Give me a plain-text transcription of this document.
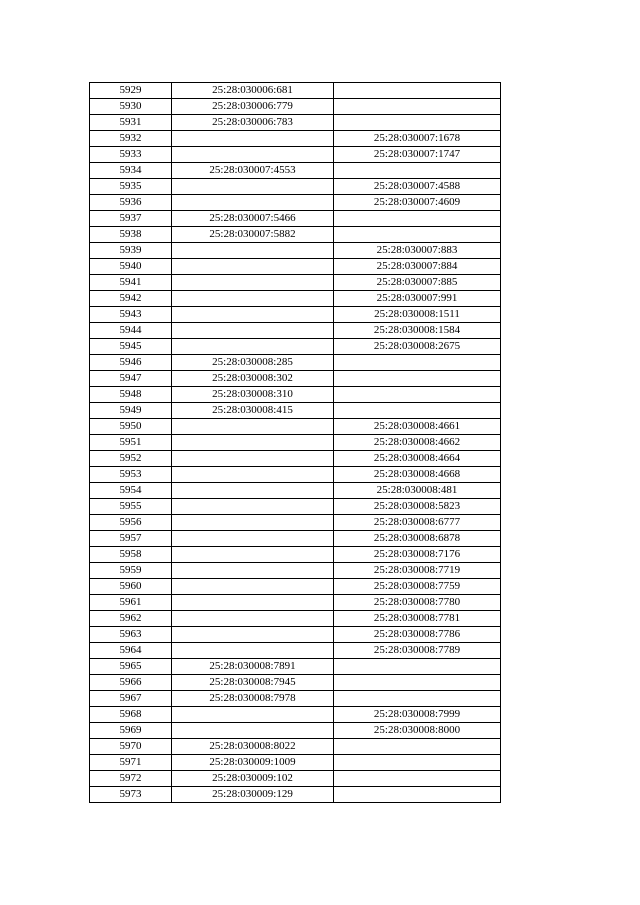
5929	25:28:030006:681	
5930	25:28:030006:779	
5931	25:28:030006:783	
5932		25:28:030007:1678
5933		25:28:030007:1747
5934	25:28:030007:4553	
5935		25:28:030007:4588
5936		25:28:030007:4609
5937	25:28:030007:5466	
5938	25:28:030007:5882	
5939		25:28:030007:883
5940		25:28:030007:884
5941		25:28:030007:885
5942		25:28:030007:991
5943		25:28:030008:1511
5944		25:28:030008:1584
5945		25:28:030008:2675
5946	25:28:030008:285	
5947	25:28:030008:302	
5948	25:28:030008:310	
5949	25:28:030008:415	
5950		25:28:030008:4661
5951		25:28:030008:4662
5952		25:28:030008:4664
5953		25:28:030008:4668
5954		25:28:030008:481
5955		25:28:030008:5823
5956		25:28:030008:6777
5957		25:28:030008:6878
5958		25:28:030008:7176
5959		25:28:030008:7719
5960		25:28:030008:7759
5961		25:28:030008:7780
5962		25:28:030008:7781
5963		25:28:030008:7786
5964		25:28:030008:7789
5965	25:28:030008:7891	
5966	25:28:030008:7945	
5967	25:28:030008:7978	
5968		25:28:030008:7999
5969		25:28:030008:8000
5970	25:28:030008:8022	
5971	25:28:030009:1009	
5972	25:28:030009:102	
5973	25:28:030009:129	
